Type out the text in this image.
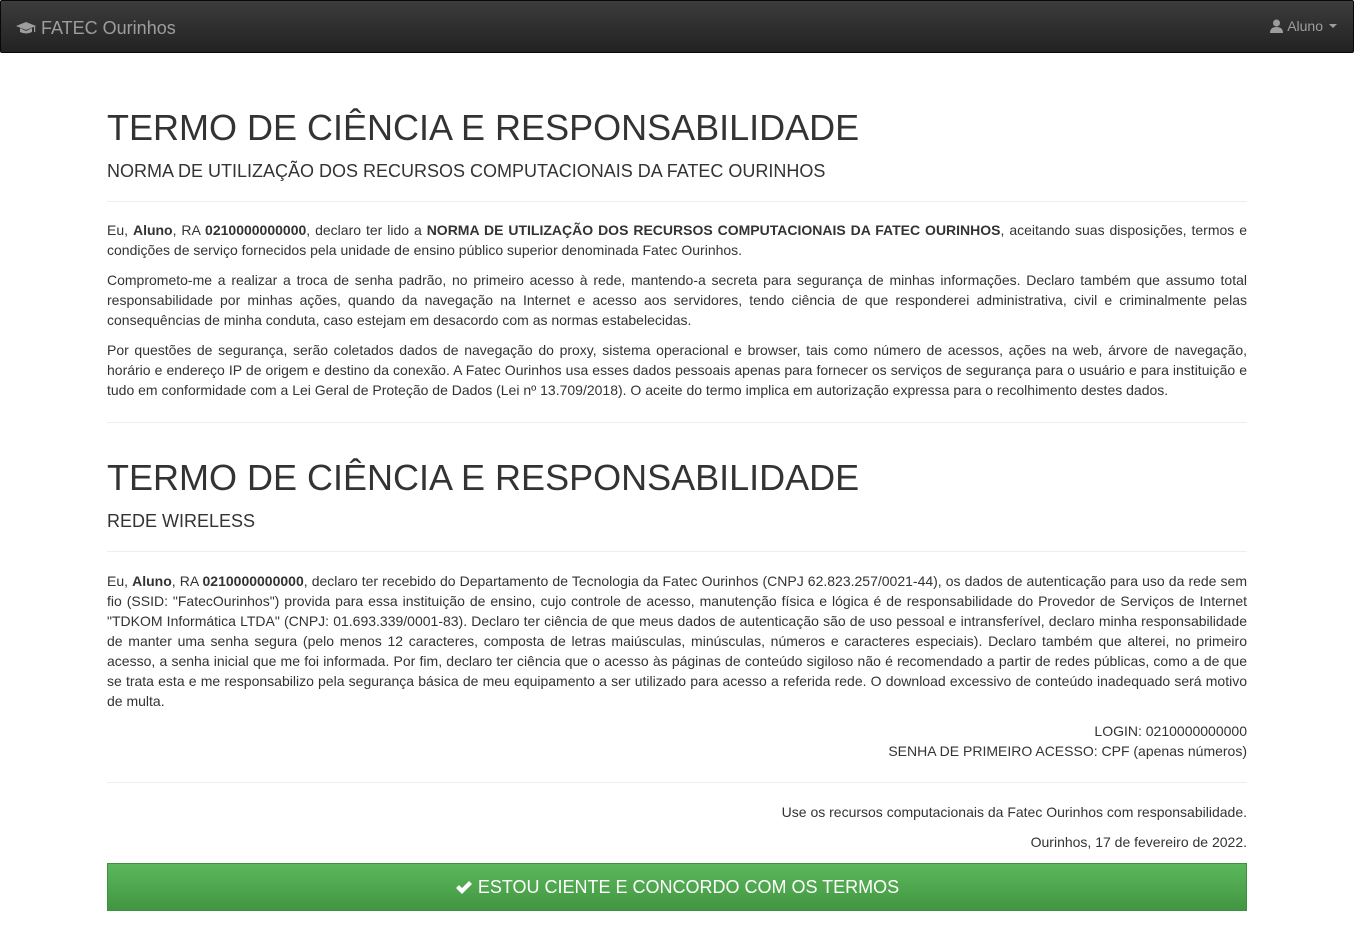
FATEC Ourinhos	Aluno
TERMO DE CIÊNCIA E RESPONSABILIDADE
NORMA DE UTILIZAÇÃO DOS RECURSOS COMPUTACIONAIS DA FATEC OURINHOS

Eu, Aluno, RA 0210000000000, declaro ter lido a NORMA DE UTILIZAÇÃO DOS RECURSOS COMPUTACIONAIS DA FATEC OURINHOS, aceitando suas disposições, termos e condições de serviço fornecidos pela unidade de ensino público superior denominada Fatec Ourinhos.

Comprometo-me a realizar a troca de senha padrão, no primeiro acesso à rede, mantendo-a secreta para segurança de minhas informações. Declaro também que assumo total responsabilidade por minhas ações, quando da navegação na Internet e acesso aos servidores, tendo ciência de que responderei administrativa, civil e criminalmente pelas consequências de minha conduta, caso estejam em desacordo com as normas estabelecidas.

Por questões de segurança, serão coletados dados de navegação do proxy, sistema operacional e browser, tais como número de acessos, ações na web, árvore de navegação, horário e endereço IP de origem e destino da conexão. A Fatec Ourinhos usa esses dados pessoais apenas para fornecer os serviços de segurança para o usuário e para instituição e tudo em conformidade com a Lei Geral de Proteção de Dados (Lei nº 13.709/2018). O aceite do termo implica em autorização expressa para o recolhimento destes dados.

TERMO DE CIÊNCIA E RESPONSABILIDADE
REDE WIRELESS

Eu, Aluno, RA 0210000000000, declaro ter recebido do Departamento de Tecnologia da Fatec Ourinhos (CNPJ 62.823.257/0021-44), os dados de autenticação para uso da rede sem fio (SSID: "FatecOurinhos") provida para essa instituição de ensino, cujo controle de acesso, manutenção física e lógica é de responsabilidade do Provedor de Serviços de Internet "TDKOM Informática LTDA" (CNPJ: 01.693.339/0001-83). Declaro ter ciência de que meus dados de autenticação são de uso pessoal e intransferível, declaro minha responsabilidade de manter uma senha segura (pelo menos 12 caracteres, composta de letras maiúsculas, minúsculas, números e caracteres especiais). Declaro também que alterei, no primeiro acesso, a senha inicial que me foi informada. Por fim, declaro ter ciência que o acesso às páginas de conteúdo sigiloso não é recomendado a partir de redes públicas, como a de que se trata esta e me responsabilizo pela segurança básica de meu equipamento a ser utilizado para acesso a referida rede. O download excessivo de conteúdo inadequado será motivo de multa.

LOGIN: 0210000000000

SENHA DE PRIMEIRO ACESSO: CPF (apenas números)

Use os recursos computacionais da Fatec Ourinhos com responsabilidade.

Ourinhos, 17 de fevereiro de 2022.

ESTOU CIENTE E CONCORDO COM OS TERMOS
